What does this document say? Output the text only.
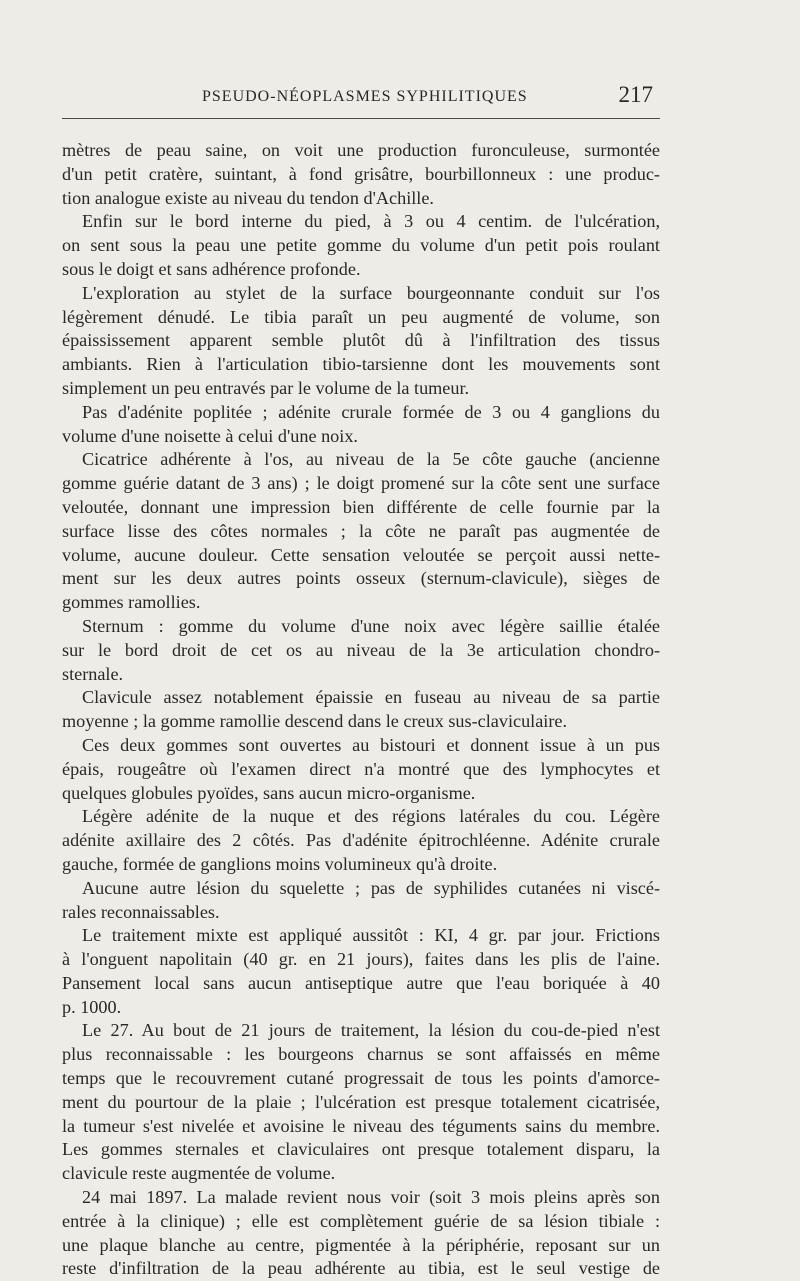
PSEUDO-NÉOPLASMES SYPHILITIQUES	217
mètres de peau saine, on voit une production furonculeuse, surmontée
d'un petit cratère, suintant, à fond grisâtre, bourbillonneux : une produc-
tion analogue existe au niveau du tendon d'Achille.
Enfin sur le bord interne du pied, à 3 ou 4 centim. de l'ulcération,
on sent sous la peau une petite gomme du volume d'un petit pois roulant
sous le doigt et sans adhérence profonde.
L'exploration au stylet de la surface bourgeonnante conduit sur l'os
légèrement dénudé. Le tibia paraît un peu augmenté de volume, son
épaississement apparent semble plutôt dû à l'infiltration des tissus
ambiants. Rien à l'articulation tibio-tarsienne dont les mouvements sont
simplement un peu entravés par le volume de la tumeur.
Pas d'adénite poplitée ; adénite crurale formée de 3 ou 4 ganglions du
volume d'une noisette à celui d'une noix.
Cicatrice adhérente à l'os, au niveau de la 5e côte gauche (ancienne
gomme guérie datant de 3 ans) ; le doigt promené sur la côte sent une surface
veloutée, donnant une impression bien différente de celle fournie par la
surface lisse des côtes normales ; la côte ne paraît pas augmentée de
volume, aucune douleur. Cette sensation veloutée se perçoit aussi nette-
ment sur les deux autres points osseux (sternum-clavicule), sièges de
gommes ramollies.
Sternum : gomme du volume d'une noix avec légère saillie étalée
sur le bord droit de cet os au niveau de la 3e articulation chondro-
sternale.
Clavicule assez notablement épaissie en fuseau au niveau de sa partie
moyenne ; la gomme ramollie descend dans le creux sus-claviculaire.
Ces deux gommes sont ouvertes au bistouri et donnent issue à un pus
épais, rougeâtre où l'examen direct n'a montré que des lymphocytes et
quelques globules pyoïdes, sans aucun micro-organisme.
Légère adénite de la nuque et des régions latérales du cou. Légère
adénite axillaire des 2 côtés. Pas d'adénite épitrochléenne. Adénite crurale
gauche, formée de ganglions moins volumineux qu'à droite.
Aucune autre lésion du squelette ; pas de syphilides cutanées ni viscé-
rales reconnaissables.
Le traitement mixte est appliqué aussitôt : KI, 4 gr. par jour. Frictions
à l'onguent napolitain (40 gr. en 21 jours), faites dans les plis de l'aine.
Pansement local sans aucun antiseptique autre que l'eau boriquée à 40
p. 1000.
Le 27. Au bout de 21 jours de traitement, la lésion du cou-de-pied n'est
plus reconnaissable : les bourgeons charnus se sont affaissés en même
temps que le recouvrement cutané progressait de tous les points d'amorce-
ment du pourtour de la plaie ; l'ulcération est presque totalement cicatrisée,
la tumeur s'est nivelée et avoisine le niveau des téguments sains du membre.
Les gommes sternales et claviculaires ont presque totalement disparu, la
clavicule reste augmentée de volume.
24 mai 1897. La malade revient nous voir (soit 3 mois pleins après son
entrée à la clinique) ; elle est complètement guérie de sa lésion tibiale :
une plaque blanche au centre, pigmentée à la périphérie, reposant sur un
reste d'infiltration de la peau adhérente au tibia, est le seul vestige de
